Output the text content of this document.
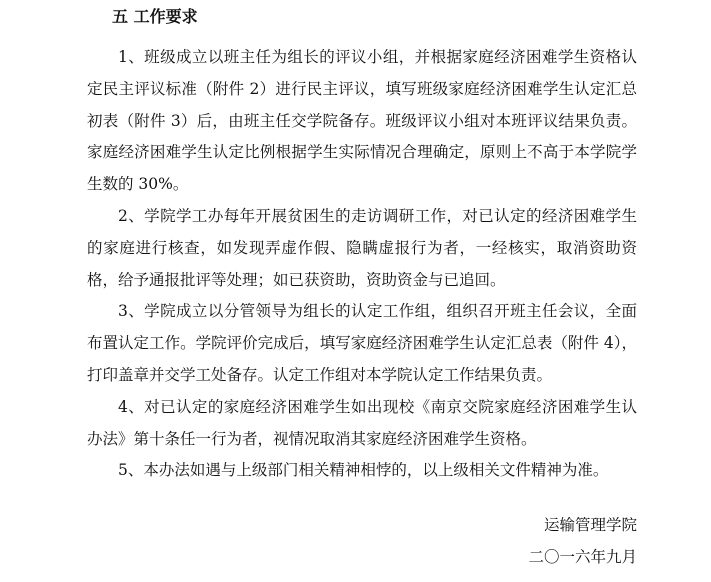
五 工作要求

1、班级成立以班主任为组长的评议小组，并根据家庭经济困难学生资格认定民主评议标准（附件 2）进行民主评议，填写班级家庭经济困难学生认定汇总初表（附件 3）后，由班主任交学院备存。班级评议小组对本班评议结果负责。家庭经济困难学生认定比例根据学生实际情况合理确定，原则上不高于本学院学生数的 30%。

2、学院学工办每年开展贫困生的走访调研工作，对已认定的经济困难学生的家庭进行核查，如发现弄虚作假、隐瞒虚报行为者，一经核实，取消资助资格，给予通报批评等处理；如已获资助，资助资金与已追回。

3、学院成立以分管领导为组长的认定工作组，组织召开班主任会议，全面布置认定工作。学院评价完成后，填写家庭经济困难学生认定汇总表（附件 4），打印盖章并交学工处备存。认定工作组对本学院认定工作结果负责。

4、对已认定的家庭经济困难学生如出现校《南京交院家庭经济困难学生认办法》第十条任一行为者，视情况取消其家庭经济困难学生资格。

5、本办法如遇与上级部门相关精神相悖的，以上级相关文件精神为准。

运输管理学院
二〇一六年九月
